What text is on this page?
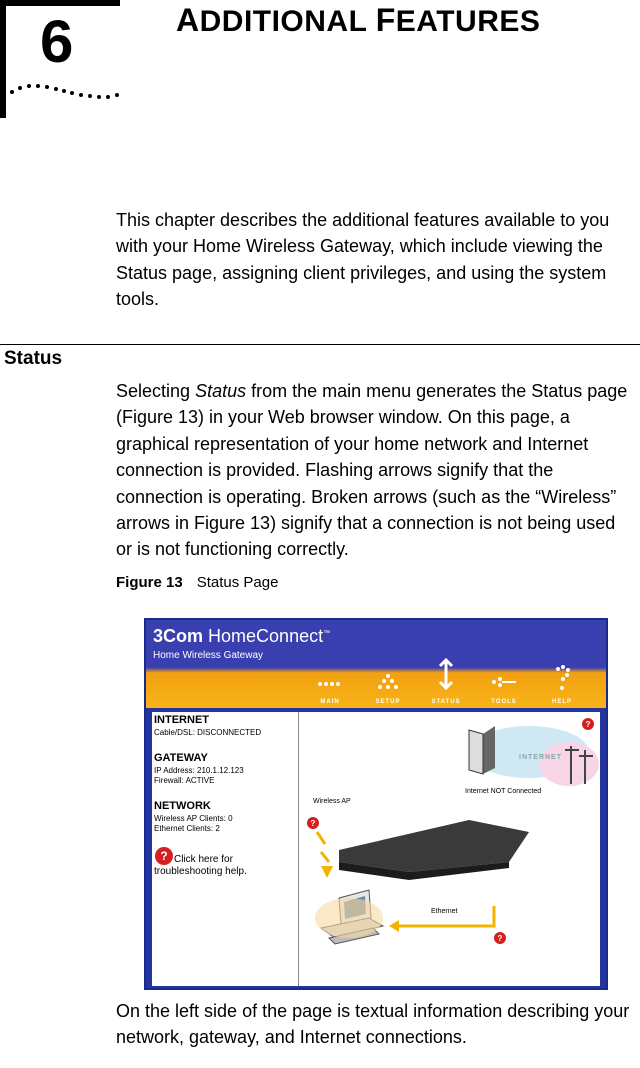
6	ADDITIONAL FEATURES
This chapter describes the additional features available to you with your Home Wireless Gateway, which include viewing the Status page, assigning client privileges, and using the system tools.
Status
Selecting Status from the main menu generates the Status page (Figure 13) in your Web browser window. On this page, a graphical representation of your home network and Internet connection is provided. Flashing arrows signify that the connection is operating. Broken arrows (such as the “Wireless” arrows in Figure 13) signify that a connection is not being used or is not functioning correctly.
Figure 13 Status Page
3Com HomeConnect™
Home Wireless Gateway
MAIN	SETUP	STATUS	TOOLS	HELP
INTERNET
Cable/DSL: DISCONNECTED
GATEWAY
IP Address: 210.1.12.123
Firewall: ACTIVE
NETWORK
Wireless AP Clients: 0
Ethernet Clients: 2
? Click here for
troubleshooting help.
?
?
?
INTERNET
Internet NOT Connected
Wireless AP
Ethernet
On the left side of the page is textual information describing your network, gateway, and Internet connections.
